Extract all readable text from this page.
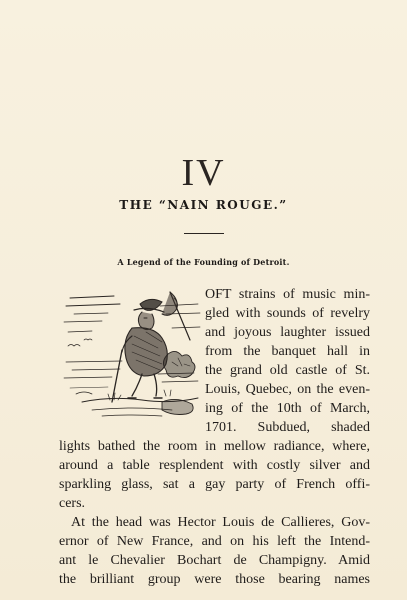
IV
THE “NAIN ROUGE.”
A Legend of the Founding of Detroit.
OFT strains of music min-
gled with sounds of revelry
and joyous laughter issued
from the banquet hall in
the grand old castle of St.
Louis, Quebec, on the even-
ing of the 10th of March,
1701. Subdued, shaded
lights bathed the room in mellow radiance, where,
around a table resplendent with costly silver and
sparkling glass, sat a gay party of French offi-
cers.
At the head was Hector Louis de Callieres, Gov-
ernor of New France, and on his left the Intend-
ant le Chevalier Bochart de Champigny. Amid
the brilliant group were those bearing names
